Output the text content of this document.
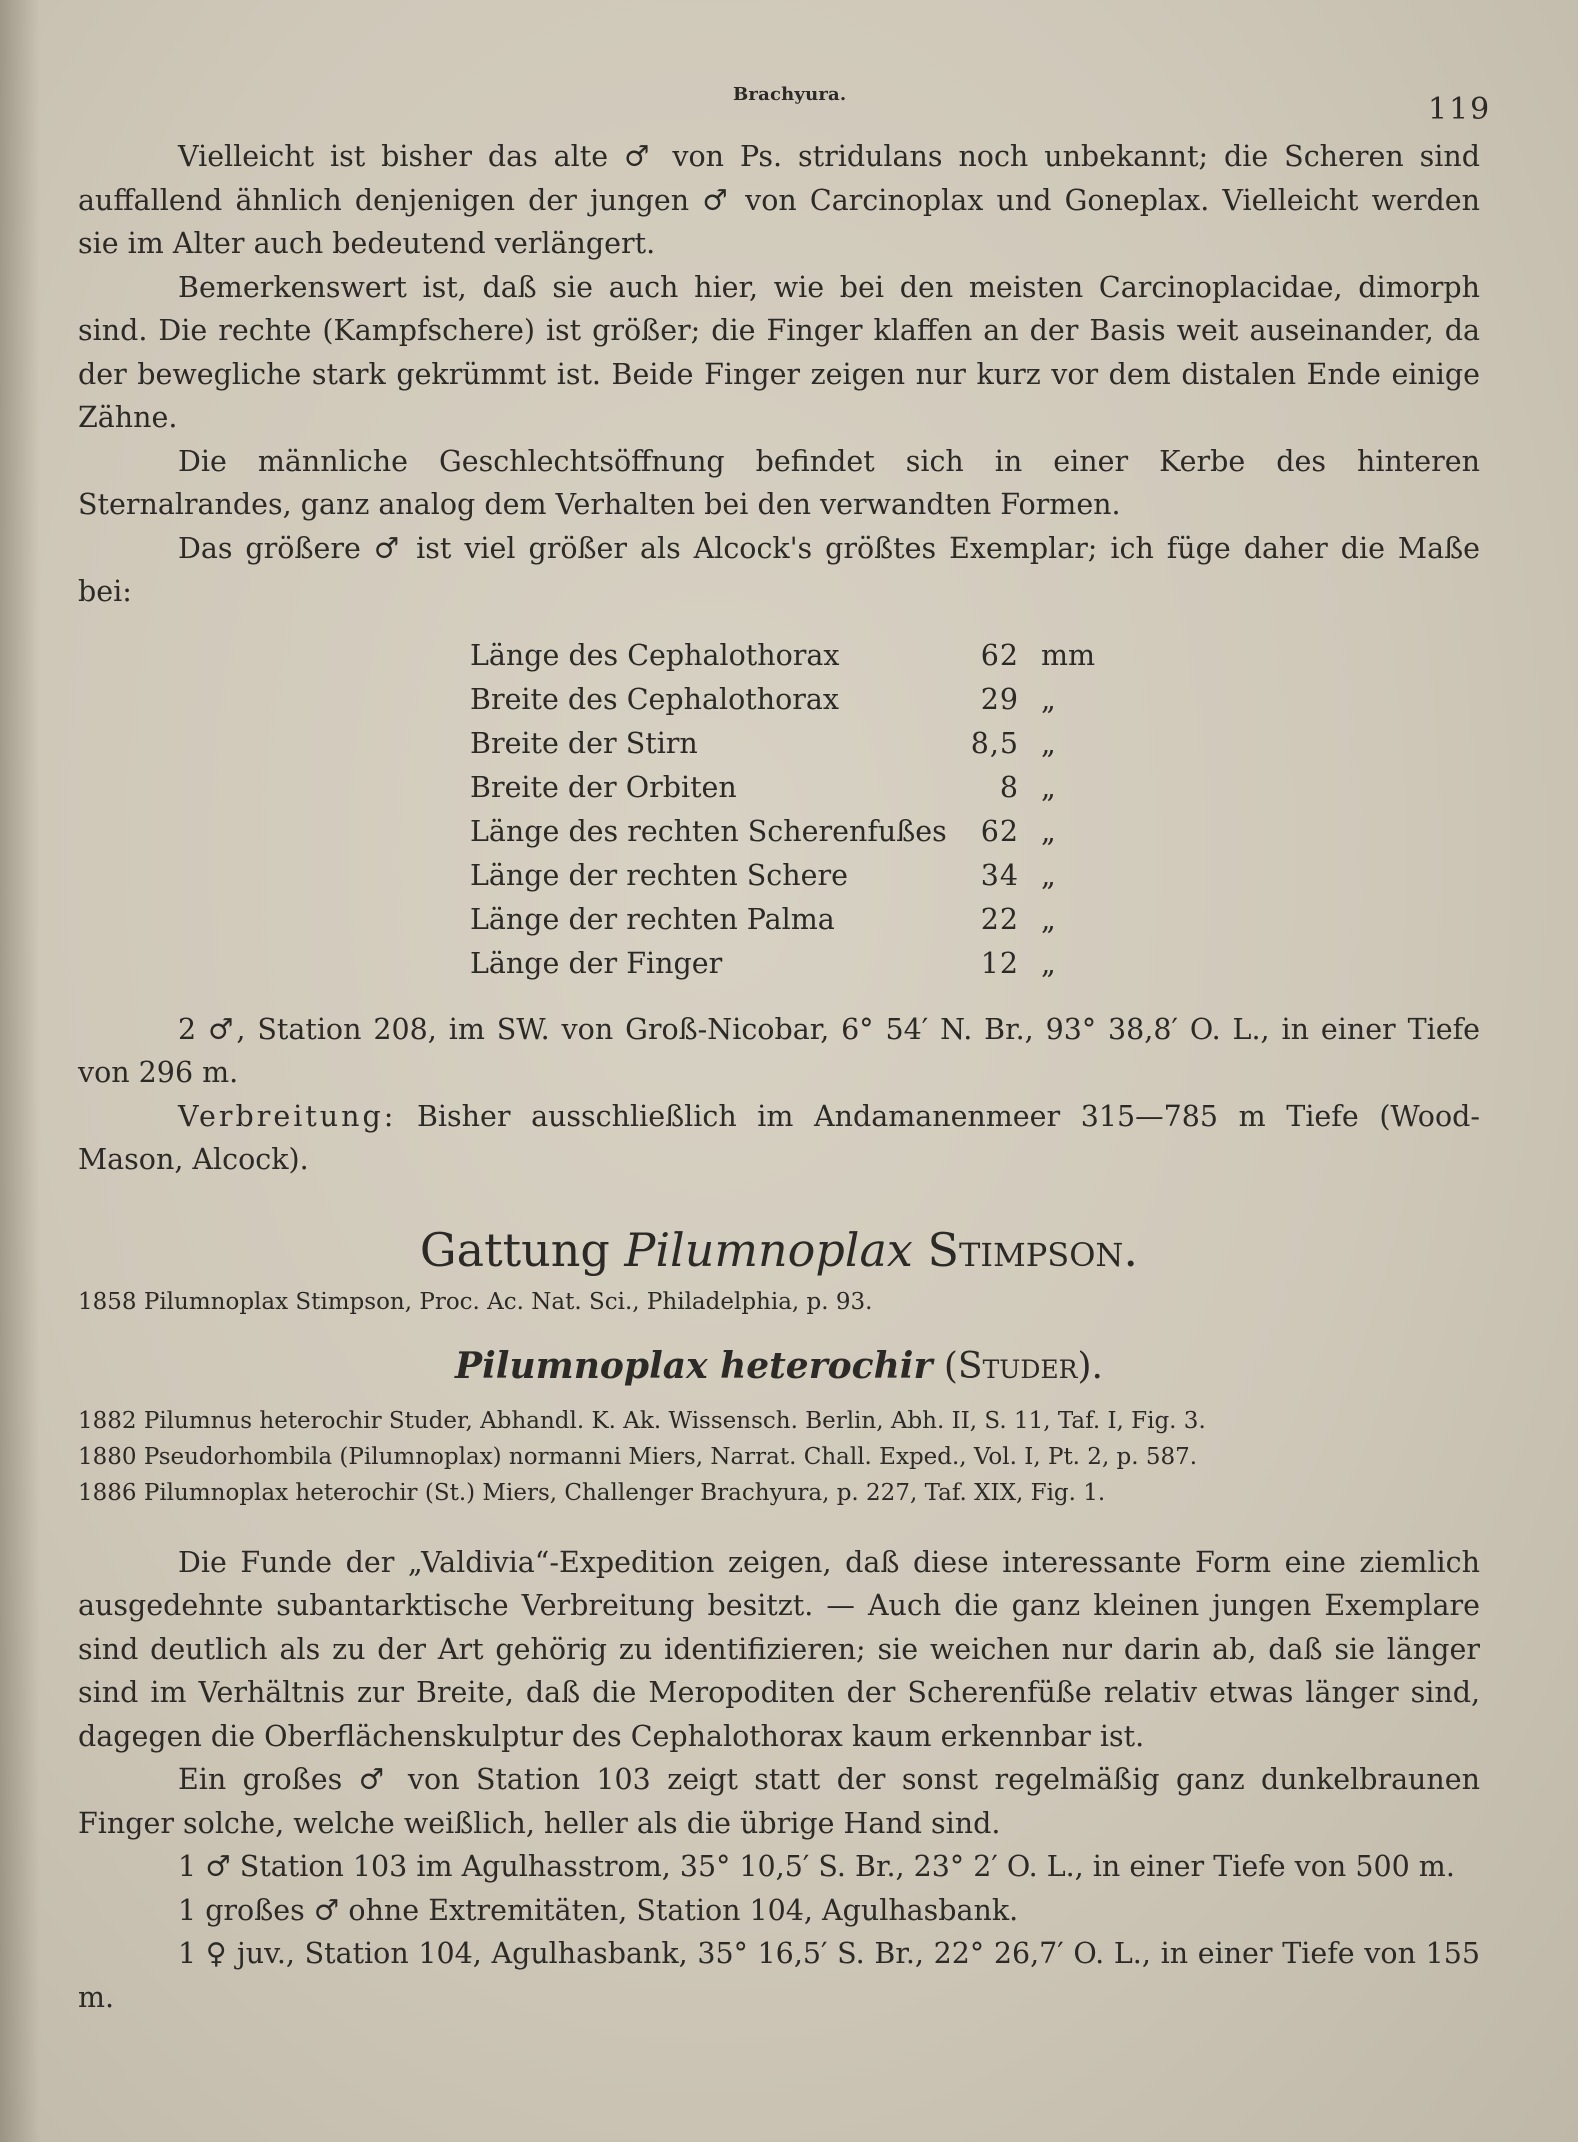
Brachyura.	119

Vielleicht ist bisher das alte ♂ von Ps. stridulans noch unbekannt; die Scheren sind auffallend ähnlich denjenigen der jungen ♂ von Carcinoplax und Goneplax. Vielleicht werden sie im Alter auch bedeutend verlängert.

Bemerkenswert ist, daß sie auch hier, wie bei den meisten Carcinoplacidae, dimorph sind. Die rechte (Kampfschere) ist größer; die Finger klaffen an der Basis weit auseinander, da der bewegliche stark gekrümmt ist. Beide Finger zeigen nur kurz vor dem distalen Ende einige Zähne.

Die männliche Geschlechtsöffnung befindet sich in einer Kerbe des hinteren Sternalrandes, ganz analog dem Verhalten bei den verwandten Formen.

Das größere ♂ ist viel größer als Alcock's größtes Exemplar; ich füge daher die Maße bei:

Länge des Cephalothorax	62	mm
Breite des Cephalothorax	29	„
Breite der Stirn	8,5	„
Breite der Orbiten	8	„
Länge des rechten Scherenfußes	62	„
Länge der rechten Schere	34	„
Länge der rechten Palma	22	„
Länge der Finger	12	„

2 ♂, Station 208, im SW. von Groß-Nicobar, 6° 54′ N. Br., 93° 38,8′ O. L., in einer Tiefe von 296 m.

Verbreitung: Bisher ausschließlich im Andamanenmeer 315—785 m Tiefe (Wood-Mason, Alcock).

Gattung Pilumnoplax Stimpson.
1858 Pilumnoplax Stimpson, Proc. Ac. Nat. Sci., Philadelphia, p. 93.
Pilumnoplax heterochir (Studer).
1882 Pilumnus heterochir Studer, Abhandl. K. Ak. Wissensch. Berlin, Abh. II, S. 11, Taf. I, Fig. 3.
1880 Pseudorhombila (Pilumnoplax) normanni Miers, Narrat. Chall. Exped., Vol. I, Pt. 2, p. 587.
1886 Pilumnoplax heterochir (St.) Miers, Challenger Brachyura, p. 227, Taf. XIX, Fig. 1.

Die Funde der „Valdivia“-Expedition zeigen, daß diese interessante Form eine ziemlich ausgedehnte subantarktische Verbreitung besitzt. — Auch die ganz kleinen jungen Exemplare sind deutlich als zu der Art gehörig zu identifizieren; sie weichen nur darin ab, daß sie länger sind im Verhältnis zur Breite, daß die Meropoditen der Scherenfüße relativ etwas länger sind, dagegen die Oberflächenskulptur des Cephalothorax kaum erkennbar ist.

Ein großes ♂ von Station 103 zeigt statt der sonst regelmäßig ganz dunkelbraunen Finger solche, welche weißlich, heller als die übrige Hand sind.

1 ♂ Station 103 im Agulhasstrom, 35° 10,5′ S. Br., 23° 2′ O. L., in einer Tiefe von 500 m.

1 großes ♂ ohne Extremitäten, Station 104, Agulhasbank.

1 ♀ juv., Station 104, Agulhasbank, 35° 16,5′ S. Br., 22° 26,7′ O. L., in einer Tiefe von 155 m.
